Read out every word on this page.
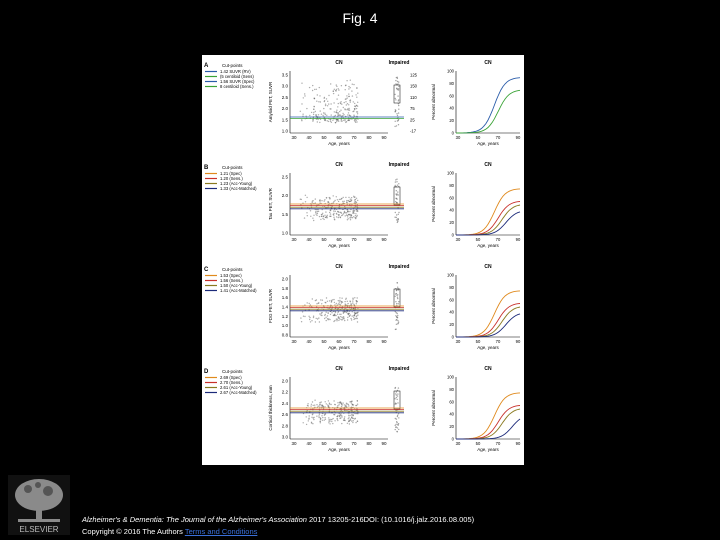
Fig. 4
A	Cut-points
1.42 SUVR (RV)
(5 centiloid (Sens)
1.56 SUVR (Spec)
8 centiloid (Sens.)
CN	Impaired
Amyloid PET, SUVR
3.5
3.0
2.5
2.0
1.5
1.0
30 40 50 60 70 80 90
Age, years
125
150
110
75
25
-17
CN
Percent abnormal
100
80
60
40
20
0
30	50	70	90
Age, years
B	Cut-points
1.21 (Spec)
1.20 (Sens.)
1.23 (Acc-Young)
1.33 (Acc-Matched)
CN	Impaired
Tau PET, SUVR
2.5
2.0
1.5
1.0
30 40 50 60 70 80 90
Age, years
CN
Percent abnormal
100
80
60
40
20
0
30	50	70	90
Age, years
C	Cut-points
1.53 (Spec)
1.56 (Sens.)
1.50 (Acc-Young)
1.41 (Acc-Matched)
CN	Impaired
FDG PET, SUVR
2.0
1.8
1.6
1.4
1.2
1.0
0.8
30 40 50 60 70 80 90
Age, years
CN
Percent abnormal
100
80
60
40
20
0
30	50	70	90
Age, years
D	Cut-points
2.69 (Spec)
2.70 (Sens.)
2.61 (Acc-Young)
2.67 (Acc-Matched)
CN	Impaired
Cortical thickness, mm
2.0
2.2
2.4
2.6
2.8
3.0
30 40 50 60 70 80 90
Age, years
CN
Percent abnormal
100
80
60
40
20
0
30	50	70	90
Age, years
ELSEVIER
Alzheimer's & Dementia: The Journal of the Alzheimer's Association 2017 13205-216DOI: (10.1016/j.jalz.2016.08.005)
Copyright © 2016 The Authors Terms and Conditions
